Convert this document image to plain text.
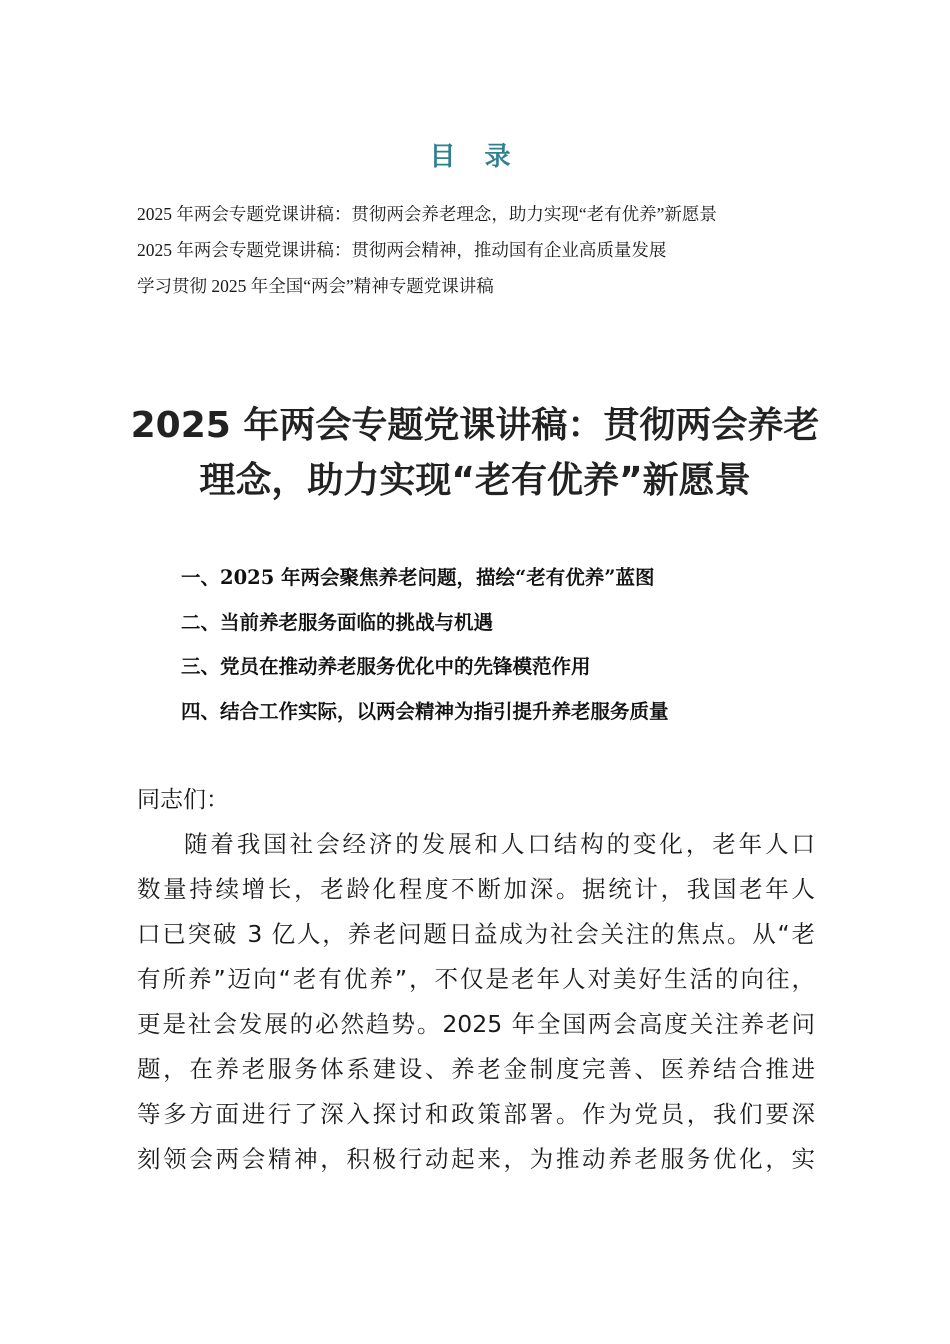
目 录
2025 年两会专题党课讲稿：贯彻两会养老理念，助力实现“老有优养”新愿景
2025 年两会专题党课讲稿：贯彻两会精神，推动国有企业高质量发展
学习贯彻 2025 年全国“两会”精神专题党课讲稿
2025 年两会专题党课讲稿：贯彻两会养老
理念，助力实现“老有优养”新愿景
一、2025 年两会聚焦养老问题，描绘“老有优养”蓝图
二、当前养老服务面临的挑战与机遇
三、党员在推动养老服务优化中的先锋模范作用
四、结合工作实际，以两会精神为指引提升养老服务质量

同志们：

随着我国社会经济的发展和人口结构的变化，老年人口
数量持续增长，老龄化程度不断加深。据统计，我国老年人
口已突破 3 亿人，养老问题日益成为社会关注的焦点。从“老
有所养”迈向“老有优养”，不仅是老年人对美好生活的向往，
更是社会发展的必然趋势。2025 年全国两会高度关注养老问
题，在养老服务体系建设、养老金制度完善、医养结合推进
等多方面进行了深入探讨和政策部署。作为党员，我们要深
刻领会两会精神，积极行动起来，为推动养老服务优化，实
